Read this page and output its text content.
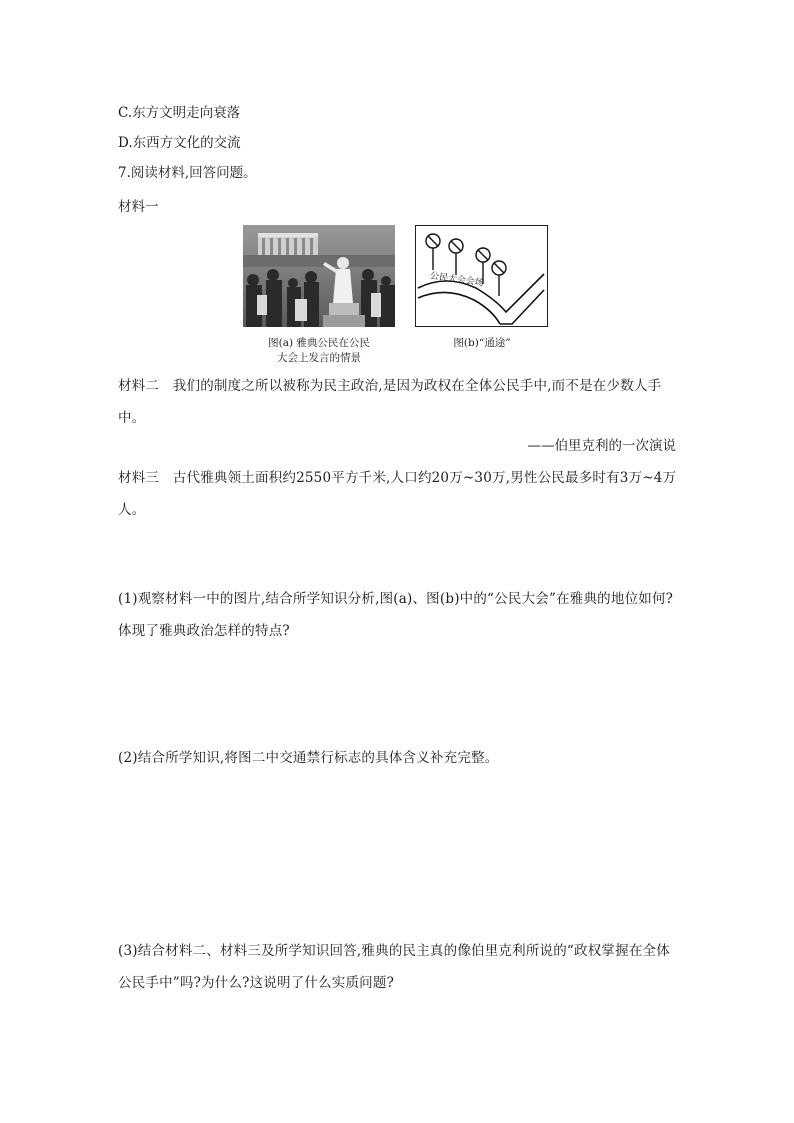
C.东方文明走向衰落
D.东西方文化的交流
7.阅读材料,回答问题。
材料一
公民大会会场
图(a) 雅典公民在公民
大会上发言的情景
图(b)“通途”
材料二　我们的制度之所以被称为民主政治,是因为政权在全体公民手中,而不是在少数人手中。
——伯里克利的一次演说
材料三　古代雅典领土面积约2550平方千米,人口约20万~30万,男性公民最多时有3万~4万人。
(1)观察材料一中的图片,结合所学知识分析,图(a)、图(b)中的“公民大会”在雅典的地位如何?体现了雅典政治怎样的特点?
(2)结合所学知识,将图二中交通禁行标志的具体含义补充完整。
(3)结合材料二、材料三及所学知识回答,雅典的民主真的像伯里克利所说的“政权掌握在全体公民手中”吗?为什么?这说明了什么实质问题?
